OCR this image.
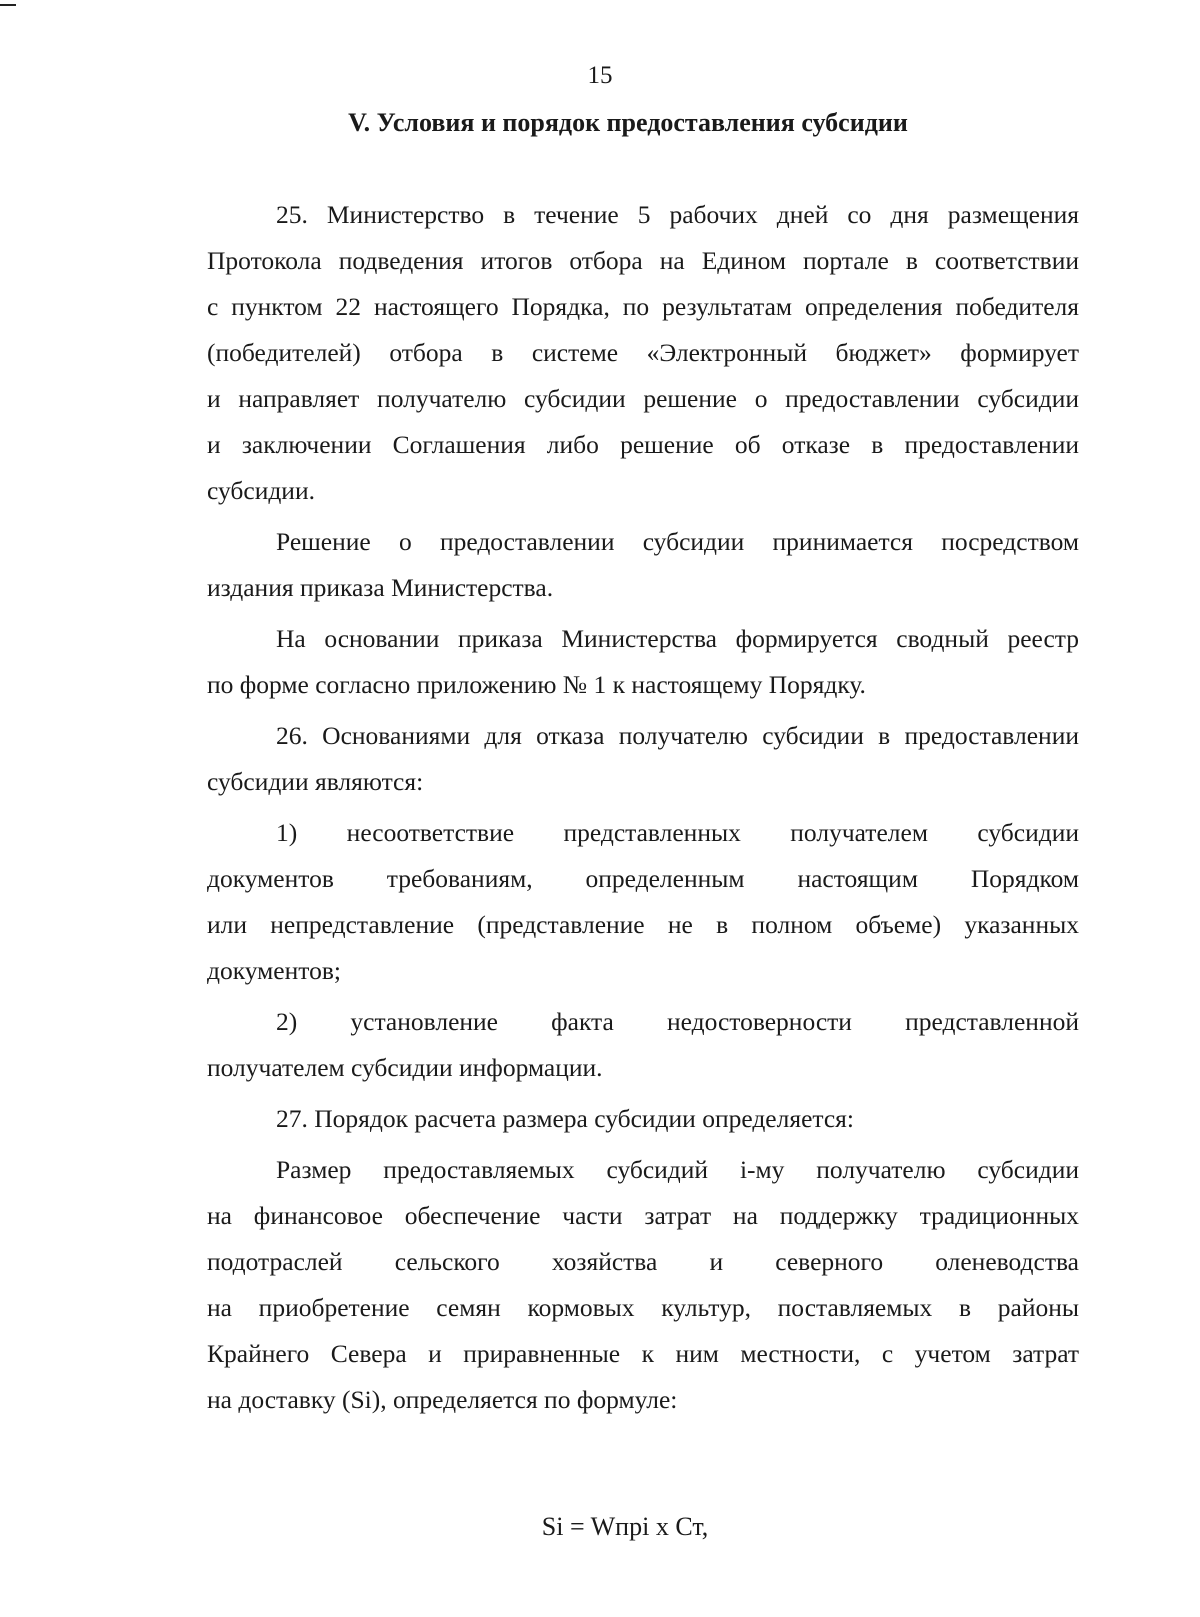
15
V. Условия и порядок предоставления субсидии
25. Министерство в течение 5 рабочих дней со дня размещения
Протокола подведения итогов отбора на Едином портале в соответствии
с пунктом 22 настоящего Порядка, по результатам определения победителя
(победителей) отбора в системе «Электронный бюджет» формирует
и направляет получателю субсидии решение о предоставлении субсидии
и заключении Соглашения либо решение об отказе в предоставлении
субсидии.
Решение о предоставлении субсидии принимается посредством
издания приказа Министерства.
На основании приказа Министерства формируется сводный реестр
по форме согласно приложению № 1 к настоящему Порядку.
26. Основаниями для отказа получателю субсидии в предоставлении
субсидии являются:
1) несоответствие представленных получателем субсидии
документов требованиям, определенным настоящим Порядком
или непредставление (представление не в полном объеме) указанных
документов;
2) установление факта недостоверности представленной
получателем субсидии информации.
27. Порядок расчета размера субсидии определяется:
Размер предоставляемых субсидий i-му получателю субсидии
на финансовое обеспечение части затрат на поддержку традиционных
подотраслей сельского хозяйства и северного оленеводства
на приобретение семян кормовых культур, поставляемых в районы
Крайнего Севера и приравненные к ним местности, с учетом затрат
на доставку (Si), определяется по формуле:
Si = Wпрi х Ст,
